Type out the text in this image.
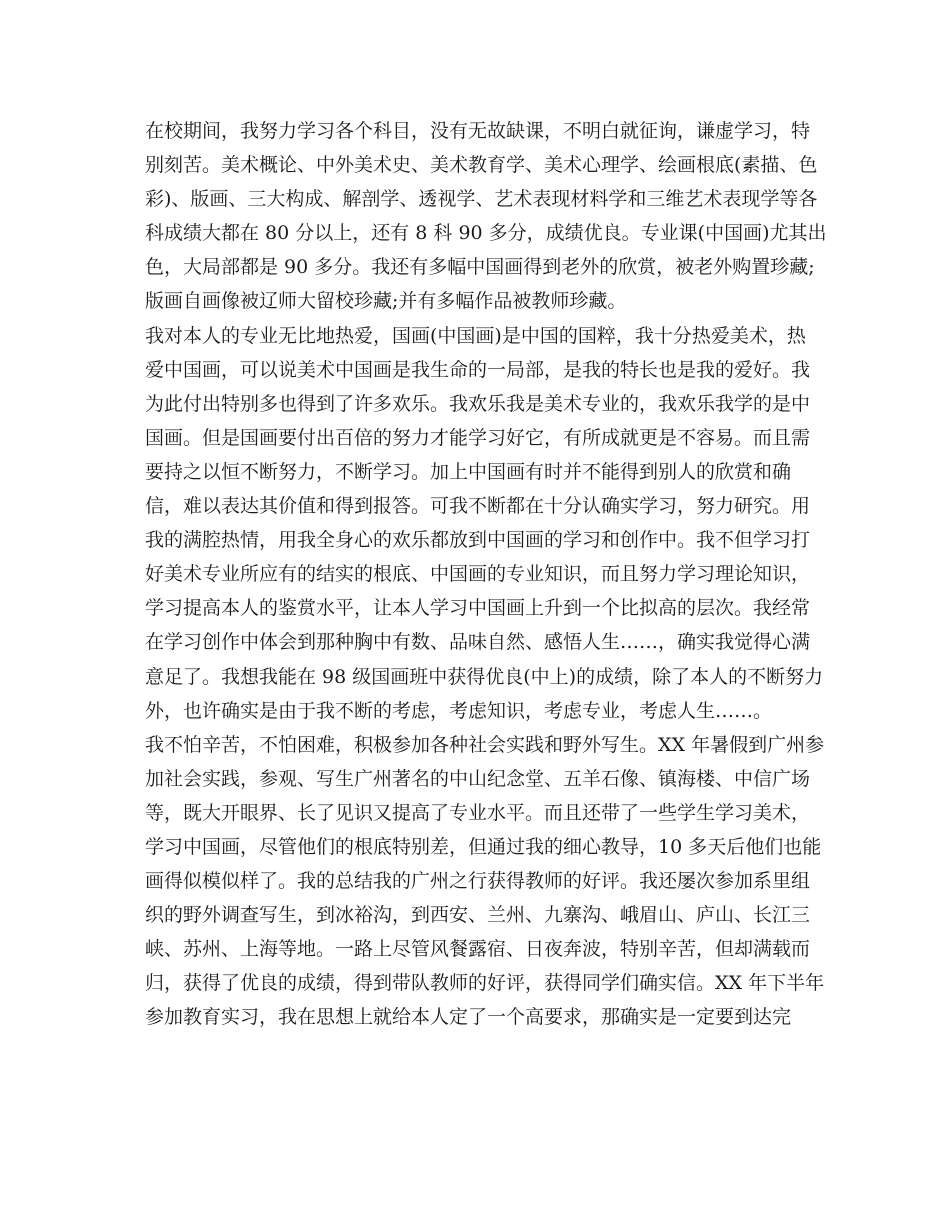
在校期间，我努力学习各个科目，没有无故缺课，不明白就征询，谦虚学习，特
别刻苦。美术概论、中外美术史、美术教育学、美术心理学、绘画根底(素描、色
彩)、版画、三大构成、解剖学、透视学、艺术表现材料学和三维艺术表现学等各
科成绩大都在 80 分以上，还有 8 科 90 多分，成绩优良。专业课(中国画)尤其出
色，大局部都是 90 多分。我还有多幅中国画得到老外的欣赏，被老外购置珍藏;
版画自画像被辽师大留校珍藏;并有多幅作品被教师珍藏。
我对本人的专业无比地热爱，国画(中国画)是中国的国粹，我十分热爱美术，热
爱中国画，可以说美术中国画是我生命的一局部，是我的特长也是我的爱好。我
为此付出特别多也得到了许多欢乐。我欢乐我是美术专业的，我欢乐我学的是中
国画。但是国画要付出百倍的努力才能学习好它，有所成就更是不容易。而且需
要持之以恒不断努力，不断学习。加上中国画有时并不能得到别人的欣赏和确
信，难以表达其价值和得到报答。可我不断都在十分认确实学习，努力研究。用
我的满腔热情，用我全身心的欢乐都放到中国画的学习和创作中。我不但学习打
好美术专业所应有的结实的根底、中国画的专业知识，而且努力学习理论知识，
学习提高本人的鉴赏水平，让本人学习中国画上升到一个比拟高的层次。我经常
在学习创作中体会到那种胸中有数、品味自然、感悟人生……，确实我觉得心满
意足了。我想我能在 98 级国画班中获得优良(中上)的成绩，除了本人的不断努力
外，也许确实是由于我不断的考虑，考虑知识，考虑专业，考虑人生……。
我不怕辛苦，不怕困难，积极参加各种社会实践和野外写生。XX 年暑假到广州参
加社会实践，参观、写生广州著名的中山纪念堂、五羊石像、镇海楼、中信广场
等，既大开眼界、长了见识又提高了专业水平。而且还带了一些学生学习美术，
学习中国画，尽管他们的根底特别差，但通过我的细心教导，10 多天后他们也能
画得似模似样了。我的总结我的广州之行获得教师的好评。我还屡次参加系里组
织的野外调查写生，到冰裕沟，到西安、兰州、九寨沟、峨眉山、庐山、长江三
峡、苏州、上海等地。一路上尽管风餐露宿、日夜奔波，特别辛苦，但却满载而
归，获得了优良的成绩，得到带队教师的好评，获得同学们确实信。XX 年下半年
参加教育实习，我在思想上就给本人定了一个高要求，那确实是一定要到达完
